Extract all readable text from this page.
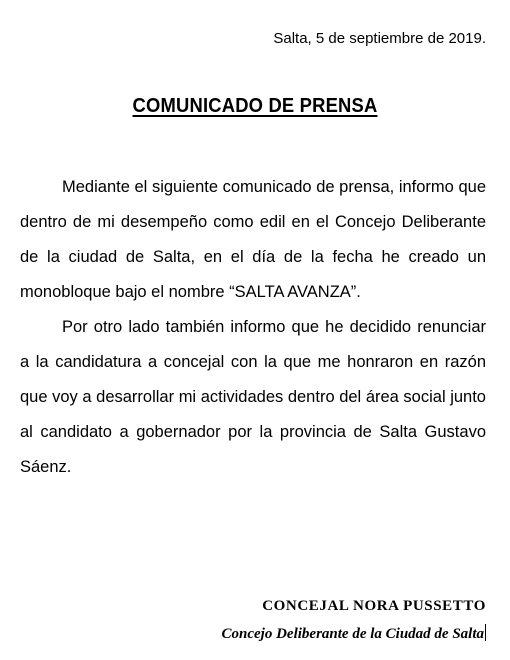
Salta, 5 de septiembre de 2019.
COMUNICADO DE PRENSA

Mediante el siguiente comunicado de prensa, informo que dentro de mi desempeño como edil en el Concejo Deliberante de la ciudad de Salta, en el día de la fecha he creado un monobloque bajo el nombre “SALTA AVANZA”.

Por otro lado también informo que he decidido renunciar a la candidatura a concejal con la que me honraron en razón que voy a desarrollar mi actividades dentro del área social junto al candidato a gobernador por la provincia de Salta Gustavo Sáenz.

CONCEJAL NORA PUSSETTO
Concejo Deliberante de la Ciudad de Salta
